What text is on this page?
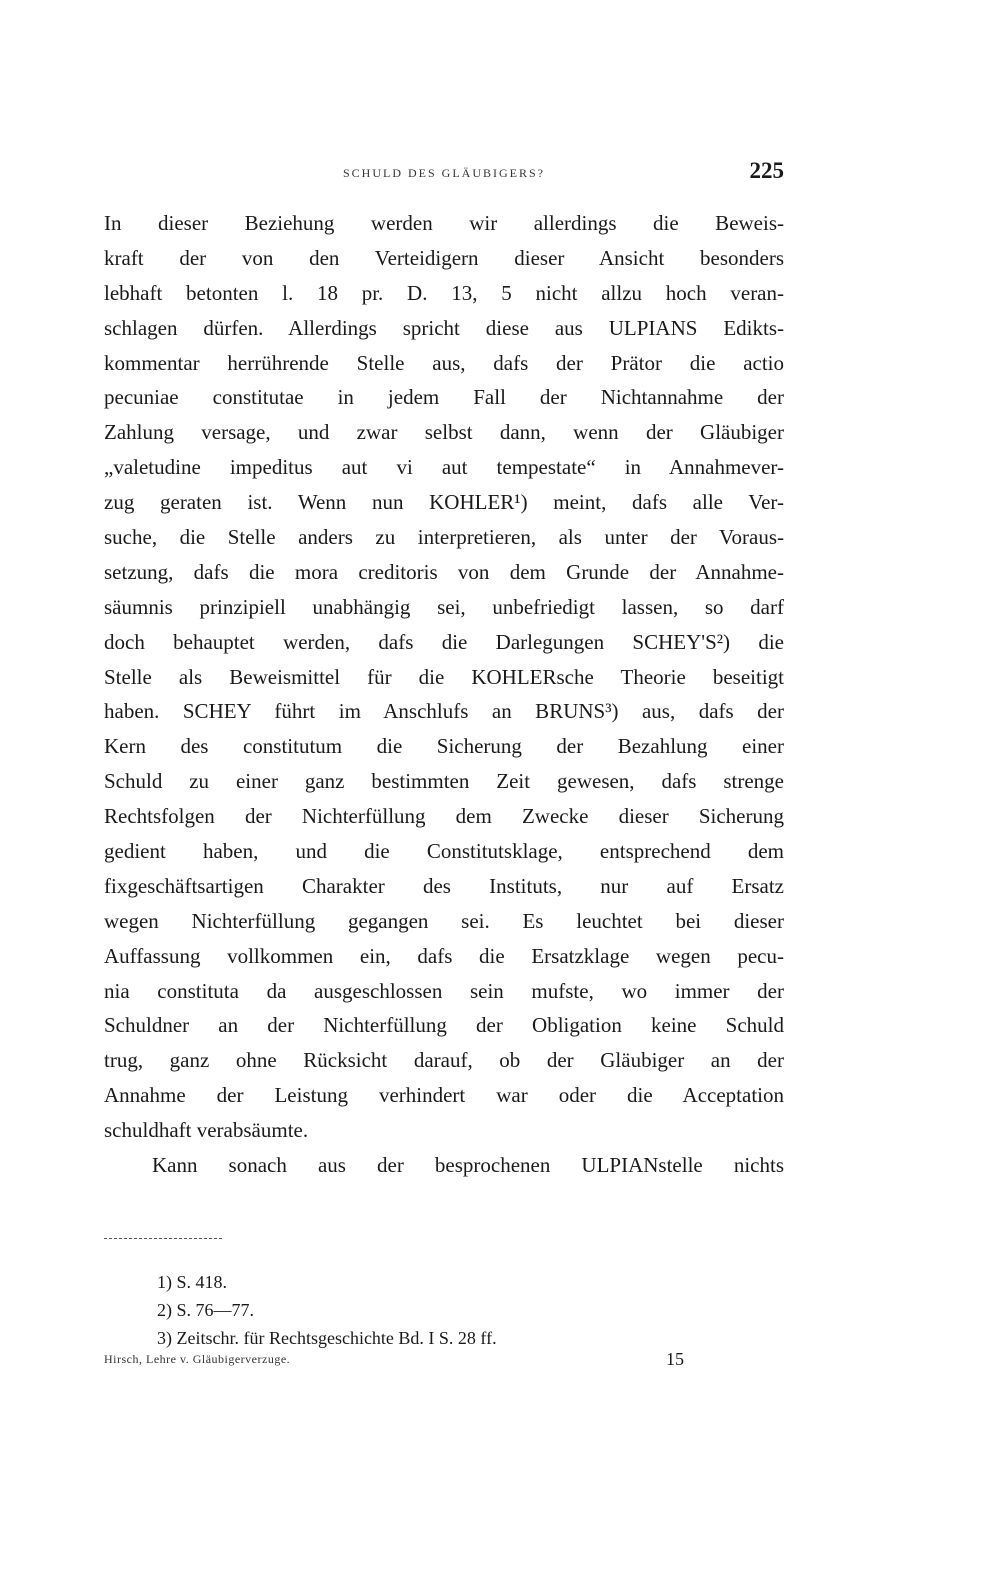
SCHULD DES GLÄUBIGERS?	225
In dieser Beziehung werden wir allerdings die Beweis-
kraft der von den Verteidigern dieser Ansicht besonders
lebhaft betonten l. 18 pr. D. 13, 5 nicht allzu hoch veran-
schlagen dürfen. Allerdings spricht diese aus ULPIANS Edikts-
kommentar herrührende Stelle aus, dafs der Prätor die actio
pecuniae constitutae in jedem Fall der Nichtannahme der
Zahlung versage, und zwar selbst dann, wenn der Gläubiger
„valetudine impeditus aut vi aut tempestate“ in Annahmever-
zug geraten ist. Wenn nun KOHLER¹) meint, dafs alle Ver-
suche, die Stelle anders zu interpretieren, als unter der Voraus-
setzung, dafs die mora creditoris von dem Grunde der Annahme-
säumnis prinzipiell unabhängig sei, unbefriedigt lassen, so darf
doch behauptet werden, dafs die Darlegungen SCHEY'S²) die
Stelle als Beweismittel für die KOHLERsche Theorie beseitigt
haben. SCHEY führt im Anschlufs an BRUNS³) aus, dafs der
Kern des constitutum die Sicherung der Bezahlung einer
Schuld zu einer ganz bestimmten Zeit gewesen, dafs strenge
Rechtsfolgen der Nichterfüllung dem Zwecke dieser Sicherung
gedient haben, und die Constitutsklage, entsprechend dem
fixgeschäftsartigen Charakter des Instituts, nur auf Ersatz
wegen Nichterfüllung gegangen sei. Es leuchtet bei dieser
Auffassung vollkommen ein, dafs die Ersatzklage wegen pecu-
nia constituta da ausgeschlossen sein mufste, wo immer der
Schuldner an der Nichterfüllung der Obligation keine Schuld
trug, ganz ohne Rücksicht darauf, ob der Gläubiger an der
Annahme der Leistung verhindert war oder die Acceptation
schuldhaft verabsäumte.
Kann sonach aus der besprochenen ULPIANstelle nichts
1) S. 418.
2) S. 76—77.
3) Zeitschr. für Rechtsgeschichte Bd. I S. 28 ff.
Hirsch, Lehre v. Gläubigerverzuge.	15
